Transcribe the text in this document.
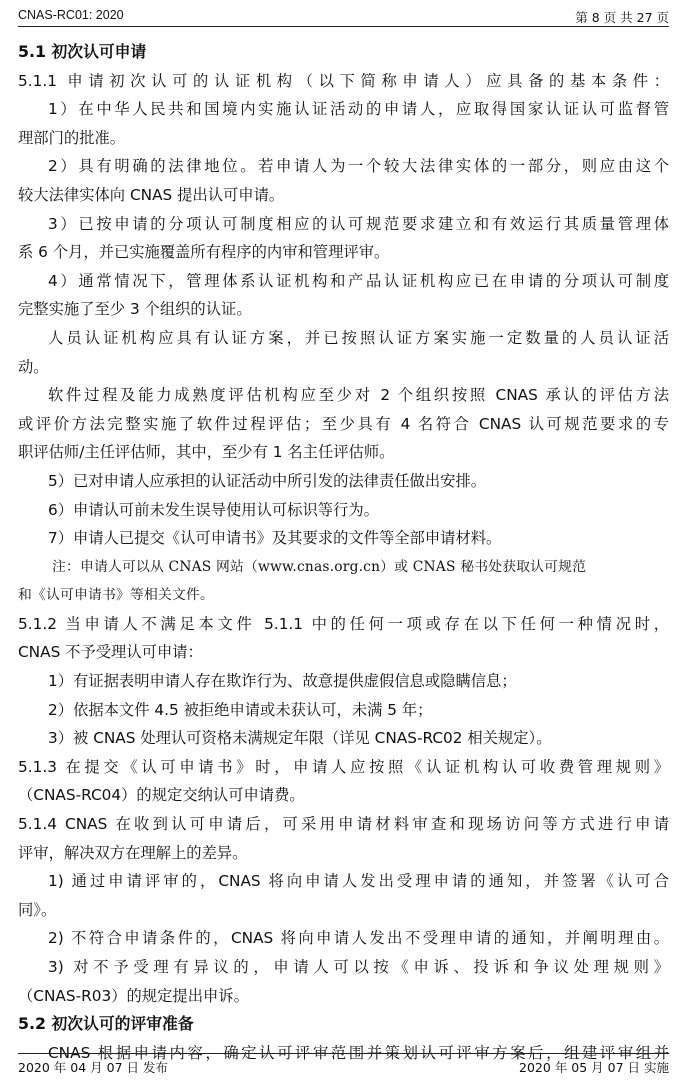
CNAS-RC01: 2020	第 8 页 共 27 页

5.1 初次认可申请

5.1.1 申请初次认可的认证机构（以下简称申请人）应具备的基本条件：

1）在中华人民共和国境内实施认证活动的申请人，应取得国家认证认可监督管

理部门的批准。

2）具有明确的法律地位。若申请人为一个较大法律实体的一部分，则应由这个

较大法律实体向 CNAS 提出认可申请。

3）已按申请的分项认可制度相应的认可规范要求建立和有效运行其质量管理体

系 6 个月，并已实施覆盖所有程序的内审和管理评审。

4）通常情况下，管理体系认证机构和产品认证机构应已在申请的分项认可制度

完整实施了至少 3 个组织的认证。

人员认证机构应具有认证方案，并已按照认证方案实施一定数量的人员认证活

动。

软件过程及能力成熟度评估机构应至少对 2 个组织按照 CNAS 承认的评估方法

或评价方法完整实施了软件过程评估；至少具有 4 名符合 CNAS 认可规范要求的专

职评估师/主任评估师，其中，至少有 1 名主任评估师。

5）已对申请人应承担的认证活动中所引发的法律责任做出安排。

6）申请认可前未发生误导使用认可标识等行为。

7）申请人已提交《认可申请书》及其要求的文件等全部申请材料。

注：申请人可以从 CNAS 网站（www.cnas.org.cn）或 CNAS 秘书处获取认可规范

和《认可申请书》等相关文件。

5.1.2 当申请人不满足本文件 5.1.1 中的任何一项或存在以下任何一种情况时，

CNAS 不予受理认可申请：

1）有证据表明申请人存在欺诈行为、故意提供虚假信息或隐瞒信息；

2）依据本文件 4.5 被拒绝申请或未获认可，未满 5 年；

3）被 CNAS 处理认可资格未满规定年限（详见 CNAS-RC02 相关规定）。

5.1.3 在提交《认可申请书》时，申请人应按照《认证机构认可收费管理规则》

（CNAS-RC04）的规定交纳认可申请费。

5.1.4 CNAS 在收到认可申请后，可采用申请材料审查和现场访问等方式进行申请

评审，解决双方在理解上的差异。

1) 通过申请评审的，CNAS 将向申请人发出受理申请的通知，并签署《认可合

同》。

2) 不符合申请条件的，CNAS 将向申请人发出不受理申请的通知，并阐明理由。

3) 对不予受理有异议的，申请人可以按《申诉、投诉和争议处理规则》

（CNAS-R03）的规定提出申诉。

5.2 初次认可的评审准备

CNAS 根据申请内容，确定认可评审范围并策划认可评审方案后，组建评审组并

2020 年 04 月 07 日 发布	2020 年 05 月 07 日 实施
